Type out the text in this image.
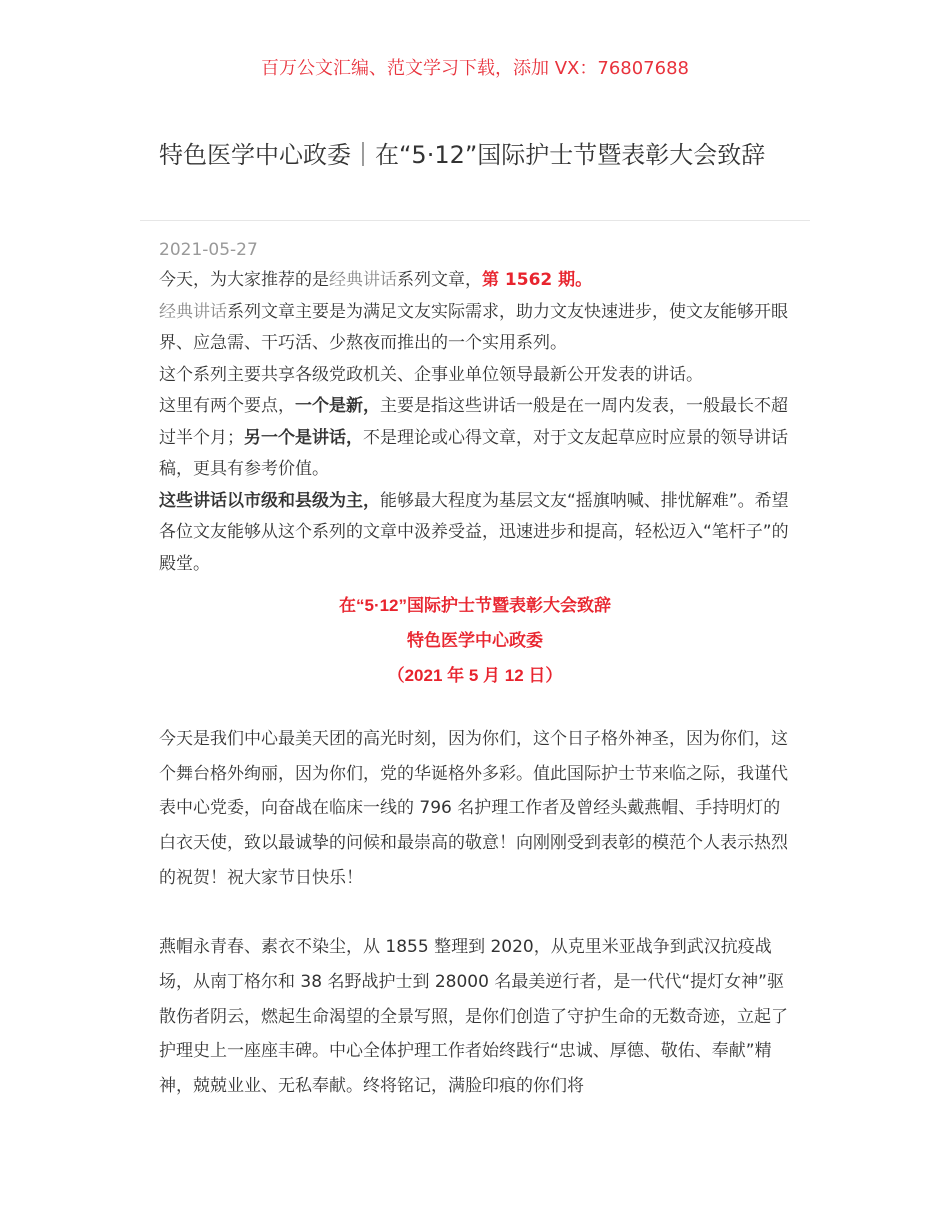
百万公文汇编、范文学习下载，添加 VX：76807688
特色医学中心政委｜在“5·12”国际护士节暨表彰大会致辞
2021-05-27

今天，为大家推荐的是经典讲话系列文章，第 1562 期。

经典讲话系列文章主要是为满足文友实际需求，助力文友快速进步，使文友能够开眼界、应急需、干巧活、少熬夜而推出的一个实用系列。

这个系列主要共享各级党政机关、企事业单位领导最新公开发表的讲话。

这里有两个要点，一个是新，主要是指这些讲话一般是在一周内发表，一般最长不超过半个月；另一个是讲话，不是理论或心得文章，对于文友起草应时应景的领导讲话稿，更具有参考价值。

这些讲话以市级和县级为主，能够最大程度为基层文友“摇旗呐喊、排忧解难”。希望各位文友能够从这个系列的文章中汲养受益，迅速进步和提高，轻松迈入“笔杆子”的殿堂。

在“5·12”国际护士节暨表彰大会致辞
特色医学中心政委
（2021 年 5 月 12 日）

今天是我们中心最美天团的高光时刻，因为你们，这个日子格外神圣，因为你们，这个舞台格外绚丽，因为你们，党的华诞格外多彩。值此国际护士节来临之际，我谨代表中心党委，向奋战在临床一线的 796 名护理工作者及曾经头戴燕帽、手持明灯的白衣天使，致以最诚挚的问候和最崇高的敬意！向刚刚受到表彰的模范个人表示热烈的祝贺！祝大家节日快乐！

燕帽永青春、素衣不染尘，从 1855 整理到 2020，从克里米亚战争到武汉抗疫战场，从南丁格尔和 38 名野战护士到 28000 名最美逆行者，是一代代“提灯女神”驱散伤者阴云，燃起生命渴望的全景写照，是你们创造了守护生命的无数奇迹，立起了护理史上一座座丰碑。中心全体护理工作者始终践行“忠诚、厚德、敬佑、奉献”精神，兢兢业业、无私奉献。终将铭记，满脸印痕的你们将
